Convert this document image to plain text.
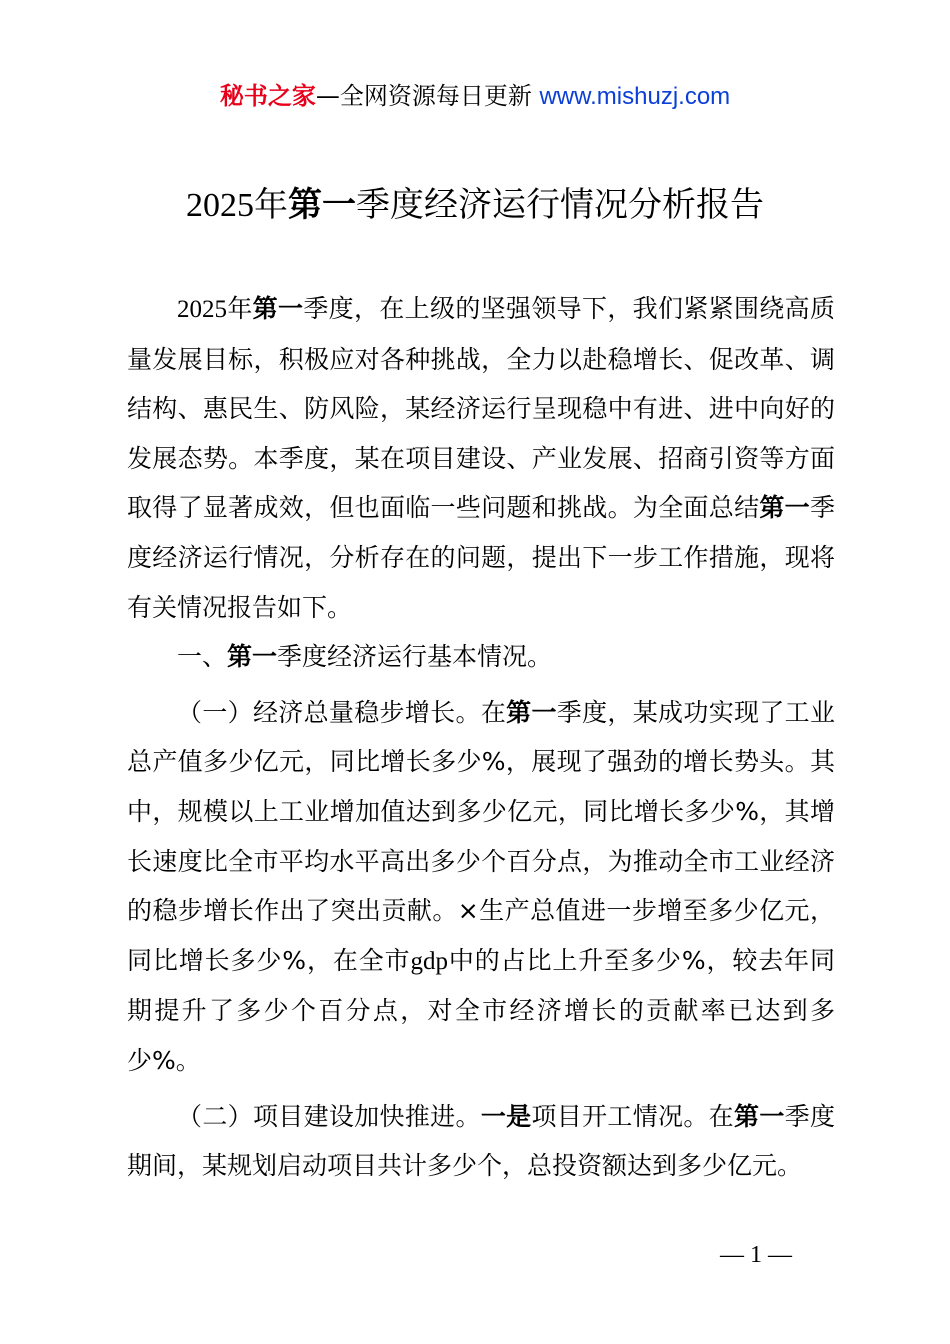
秘书之家—全网资源每日更新 www.mishuzj.com
2025年第一季度经济运行情况分析报告

2025年第一季度，在上级的坚强领导下，我们紧紧围绕高质量发展目标，积极应对各种挑战，全力以赴稳增长、促改革、调结构、惠民生、防风险，某经济运行呈现稳中有进、进中向好的发展态势。本季度，某在项目建设、产业发展、招商引资等方面取得了显著成效，但也面临一些问题和挑战。为全面总结第一季度经济运行情况，分析存在的问题，提出下一步工作措施，现将有关情况报告如下。

一、第一季度经济运行基本情况。

（一）经济总量稳步增长。在第一季度，某成功实现了工业总产值多少亿元，同比增长多少%，展现了强劲的增长势头。其中，规模以上工业增加值达到多少亿元，同比增长多少%，其增长速度比全市平均水平高出多少个百分点，为推动全市工业经济的稳步增长作出了突出贡献。×生产总值进一步增至多少亿元，同比增长多少%，在全市gdp中的占比上升至多少%，较去年同期提升了多少个百分点，对全市经济增长的贡献率已达到多少%。

（二）项目建设加快推进。一是项目开工情况。在第一季度期间，某规划启动项目共计多少个，总投资额达到多少亿元。

— 1 —
